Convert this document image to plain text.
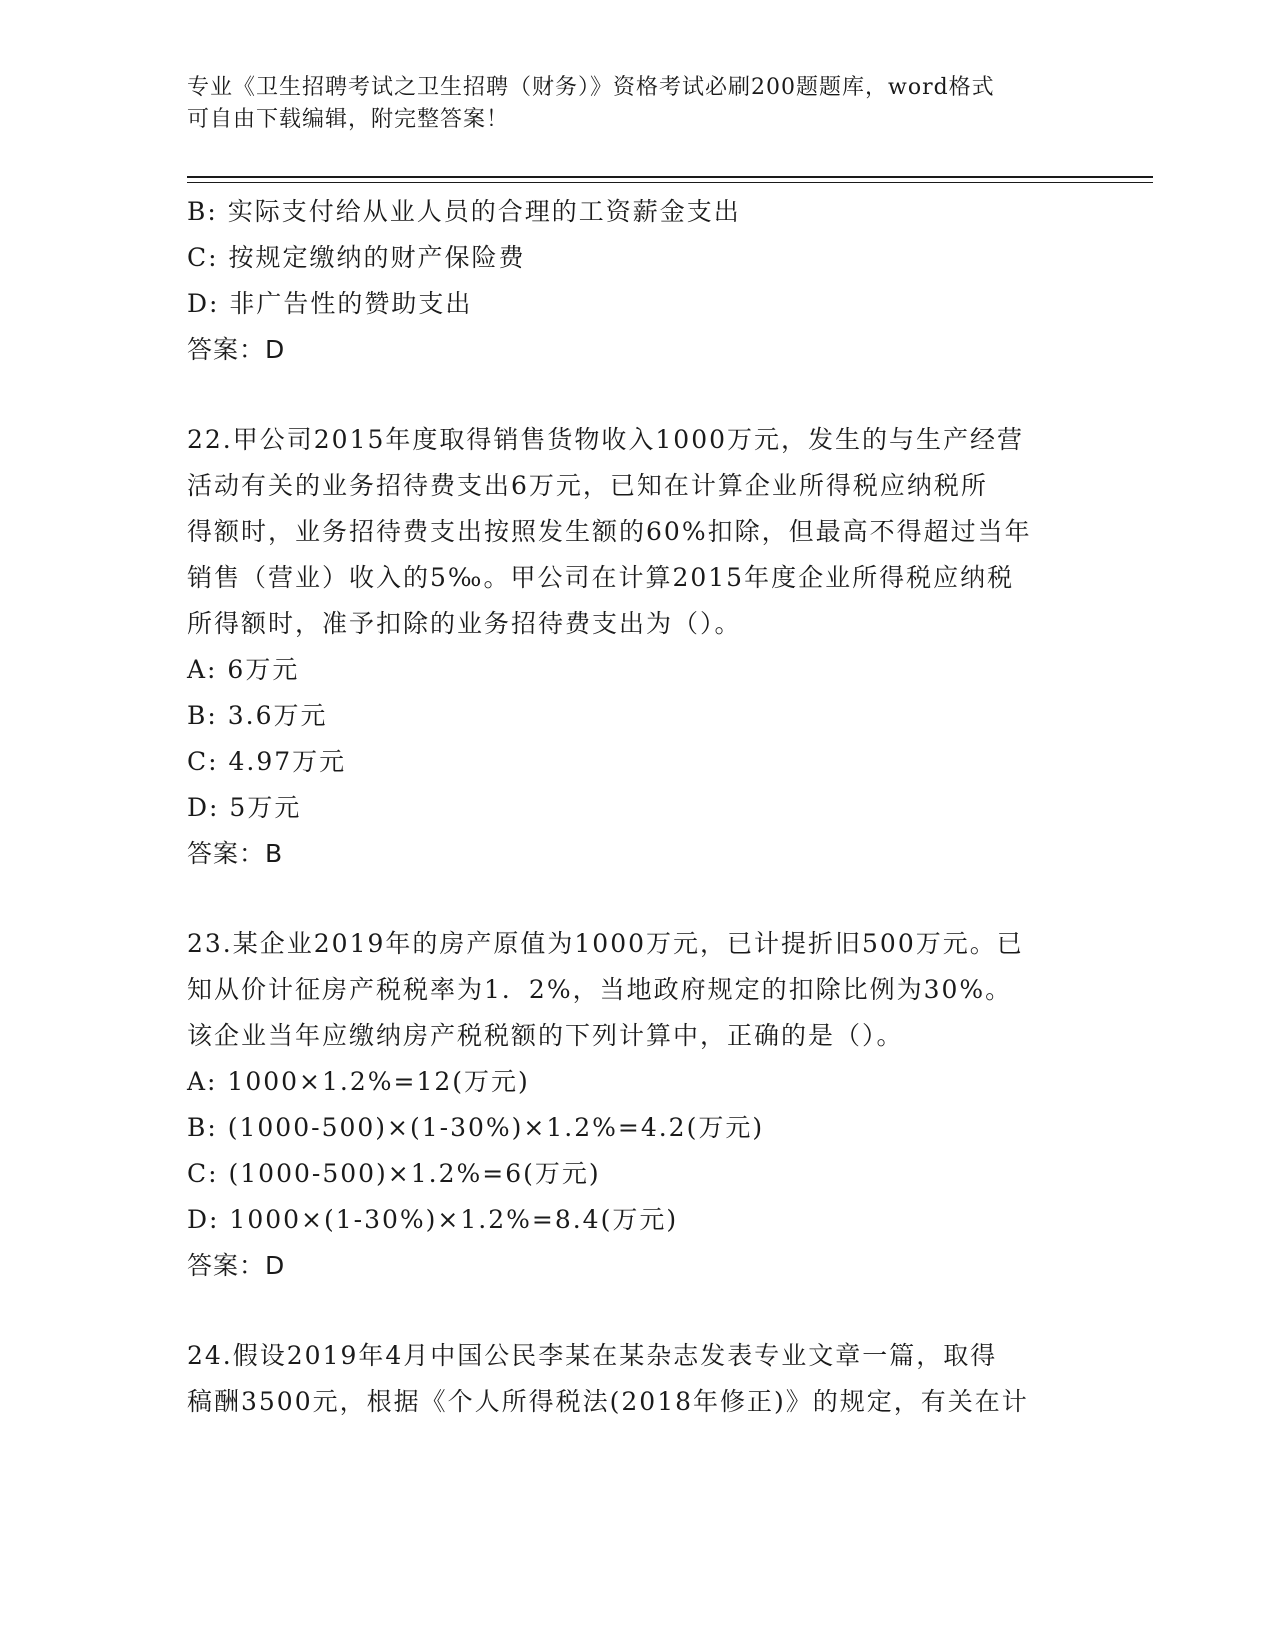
专业《卫生招聘考试之卫生招聘（财务）》资格考试必刷200题题库，word格式
可自由下载编辑，附完整答案！
B: 实际支付给从业人员的合理的工资薪金支出
C: 按规定缴纳的财产保险费
D: 非广告性的赞助支出
答案：D
22.甲公司2015年度取得销售货物收入1000万元，发生的与生产经营
活动有关的业务招待费支出6万元，已知在计算企业所得税应纳税所
得额时，业务招待费支出按照发生额的60%扣除，但最高不得超过当年
销售（营业）收入的5‰。甲公司在计算2015年度企业所得税应纳税
所得额时，准予扣除的业务招待费支出为（）。
A: 6万元
B: 3.6万元
C: 4.97万元
D: 5万元
答案：B
23.某企业2019年的房产原值为1000万元，已计提折旧500万元。已
知从价计征房产税税率为1．2%，当地政府规定的扣除比例为30%。
该企业当年应缴纳房产税税额的下列计算中，正确的是（）。
A: 1000×1.2%=12(万元)
B: (1000-500)×(1-30%)×1.2%=4.2(万元)
C: (1000-500)×1.2%=6(万元)
D: 1000×(1-30%)×1.2%=8.4(万元)
答案：D
24.假设2019年4月中国公民李某在某杂志发表专业文章一篇，取得
稿酬3500元，根据《个人所得税法(2018年修正)》的规定，有关在计
